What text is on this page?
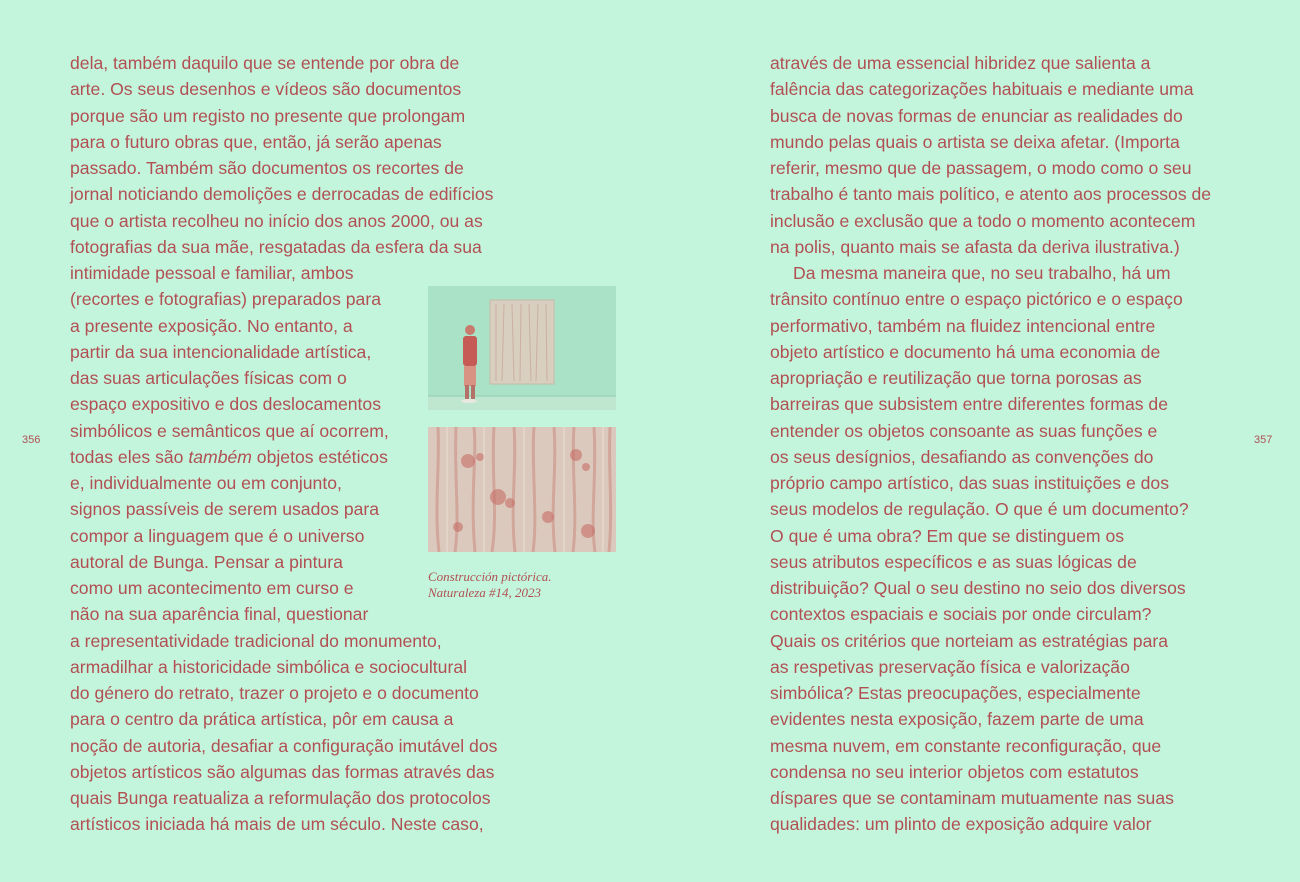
356
dela, também daquilo que se entende por obra de
arte. Os seus desenhos e vídeos são documentos
porque são um registo no presente que prolongam
para o futuro obras que, então, já serão apenas
passado. Também são documentos os recortes de
jornal noticiando demolições e derrocadas de edifícios
que o artista recolheu no início dos anos 2000, ou as
fotografias da sua mãe, resgatadas da esfera da sua
intimidade pessoal e familiar, ambos
(recortes e fotografias) preparados para
a presente exposição. No entanto, a
partir da sua intencionalidade artística,
das suas articulações físicas com o
espaço expositivo e dos deslocamentos
simbólicos e semânticos que aí ocorrem,
todas eles são também objetos estéticos
e, individualmente ou em conjunto,
signos passíveis de serem usados para
compor a linguagem que é o universo
autoral de Bunga. Pensar a pintura
como um acontecimento em curso e
não na sua aparência final, questionar
a representatividade tradicional do monumento,
armadilhar a historicidade simbólica e sociocultural
do género do retrato, trazer o projeto e o documento
para o centro da prática artística, pôr em causa a
noção de autoria, desafiar a configuração imutável dos
objetos artísticos são algumas das formas através das
quais Bunga reatualiza a reformulação dos protocolos
artísticos iniciada há mais de um século. Neste caso,
Construcción pictórica.
Naturaleza #14, 2023
357
através de uma essencial hibridez que salienta a
falência das categorizações habituais e mediante uma
busca de novas formas de enunciar as realidades do
mundo pelas quais o artista se deixa afetar. (Importa
referir, mesmo que de passagem, o modo como o seu
trabalho é tanto mais político, e atento aos processos de
inclusão e exclusão que a todo o momento acontecem
na polis, quanto mais se afasta da deriva ilustrativa.)
Da mesma maneira que, no seu trabalho, há um
trânsito contínuo entre o espaço pictórico e o espaço
performativo, também na fluidez intencional entre
objeto artístico e documento há uma economia de
apropriação e reutilização que torna porosas as
barreiras que subsistem entre diferentes formas de
entender os objetos consoante as suas funções e
os seus desígnios, desafiando as convenções do
próprio campo artístico, das suas instituições e dos
seus modelos de regulação. O que é um documento?
O que é uma obra? Em que se distinguem os
seus atributos específicos e as suas lógicas de
distribuição? Qual o seu destino no seio dos diversos
contextos espaciais e sociais por onde circulam?
Quais os critérios que norteiam as estratégias para
as respetivas preservação física e valorização
simbólica? Estas preocupações, especialmente
evidentes nesta exposição, fazem parte de uma
mesma nuvem, em constante reconfiguração, que
condensa no seu interior objetos com estatutos
díspares que se contaminam mutuamente nas suas
qualidades: um plinto de exposição adquire valor
